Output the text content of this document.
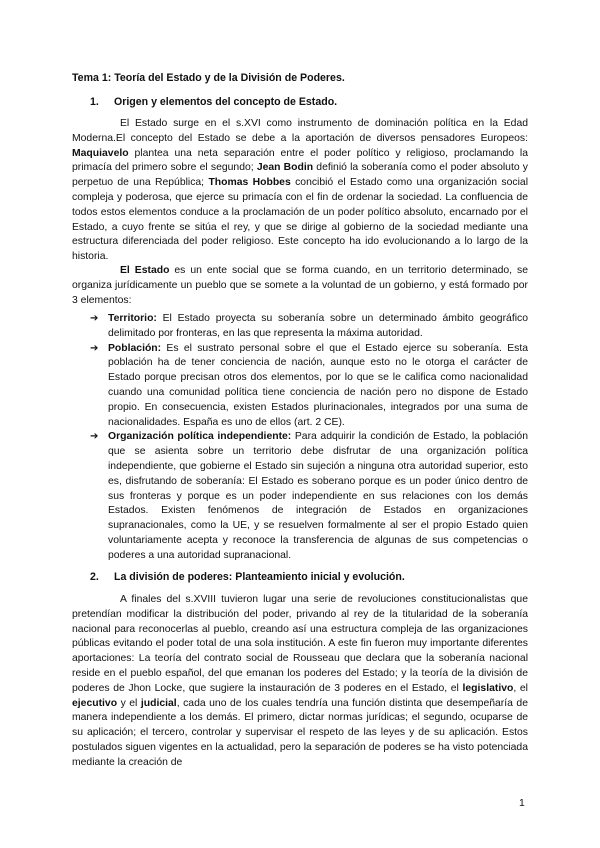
Tema 1: Teoría del Estado y de la División de Poderes.
1. Origen y elementos del concepto de Estado.

El Estado surge en el s.XVI como instrumento de dominación política en la Edad Moderna.El concepto del Estado se debe a la aportación de diversos pensadores Europeos: Maquiavelo plantea una neta separación entre el poder político y religioso, proclamando la primacía del primero sobre el segundo; Jean Bodin definió la soberanía como el poder absoluto y perpetuo de una República; Thomas Hobbes concibió el Estado como una organización social compleja y poderosa, que ejerce su primacía con el fin de ordenar la sociedad. La confluencia de todos estos elementos conduce a la proclamación de un poder político absoluto, encarnado por el Estado, a cuyo frente se sitúa el rey, y que se dirige al gobierno de la sociedad mediante una estructura diferenciada del poder religioso. Este concepto ha ido evolucionando a lo largo de la historia.

El Estado es un ente social que se forma cuando, en un territorio determinado, se organiza jurídicamente un pueblo que se somete a la voluntad de un gobierno, y está formado por 3 elementos:

➔ Territorio: El Estado proyecta su soberanía sobre un determinado ámbito geográfico delimitado por fronteras, en las que representa la máxima autoridad.
➔ Población: Es el sustrato personal sobre el que el Estado ejerce su soberanía. Esta población ha de tener conciencia de nación, aunque esto no le otorga el carácter de Estado porque precisan otros dos elementos, por lo que se le califica como nacionalidad cuando una comunidad política tiene conciencia de nación pero no dispone de Estado propio. En consecuencia, existen Estados plurinacionales, integrados por una suma de nacionalidades. España es uno de ellos (art. 2 CE).
➔ Organización política independiente: Para adquirir la condición de Estado, la población que se asienta sobre un territorio debe disfrutar de una organización política independiente, que gobierne el Estado sin sujeción a ninguna otra autoridad superior, esto es, disfrutando de soberanía: El Estado es soberano porque es un poder único dentro de sus fronteras y porque es un poder independiente en sus relaciones con los demás Estados. Existen fenómenos de integración de Estados en organizaciones supranacionales, como la UE, y se resuelven formalmente al ser el propio Estado quien voluntariamente acepta y reconoce la transferencia de algunas de sus competencias o poderes a una autoridad supranacional.
2. La división de poderes: Planteamiento inicial y evolución.

A finales del s.XVIII tuvieron lugar una serie de revoluciones constitucionalistas que pretendían modificar la distribución del poder, privando al rey de la titularidad de la soberanía nacional para reconocerlas al pueblo, creando así una estructura compleja de las organizaciones públicas evitando el poder total de una sola institución. A este fin fueron muy importante diferentes aportaciones: La teoría del contrato social de Rousseau que declara que la soberanía nacional reside en el pueblo español, del que emanan los poderes del Estado; y la teoría de la división de poderes de Jhon Locke, que sugiere la instauración de 3 poderes en el Estado, el legislativo, el ejecutivo y el judicial, cada uno de los cuales tendría una función distinta que desempeñaría de manera independiente a los demás. El primero, dictar normas jurídicas; el segundo, ocuparse de su aplicación; el tercero, controlar y supervisar el respeto de las leyes y de su aplicación. Estos postulados siguen vigentes en la actualidad, pero la separación de poderes se ha visto potenciada mediante la creación de

1
